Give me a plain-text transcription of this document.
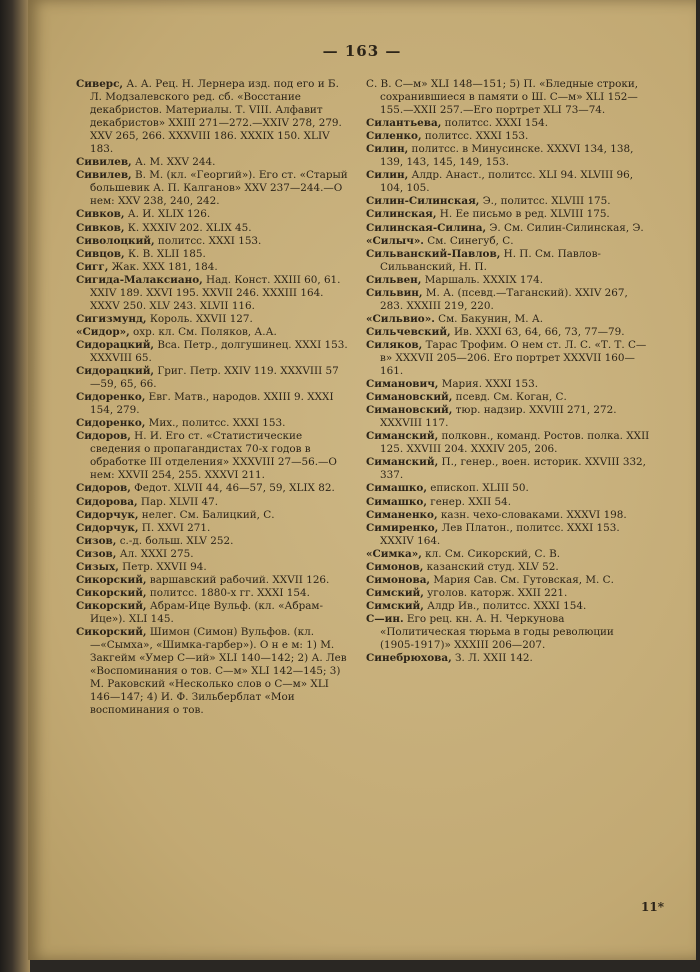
— 163 —

Сиверс, А. А. Рец. Н. Лернера изд. под его и Б. Л. Модзалевского ред. сб. «Восстание декабристов. Материалы. Т. VIII. Алфавит декабристов» XXIII 271—272.—XXIV 278, 279. XXV 265, 266. XXXVIII 186. XXXIX 150. XLIV 183.

Сивилев, А. М. XXV 244.

Сивилев, В. М. (кл. «Георгий»). Его ст. «Старый большевик А. П. Калганов» XXV 237—244.—О нем: XXV 238, 240, 242.

Сивков, А. И. XLIX 126.

Сивков, К. XXXIV 202. XLIX 45.

Сиволоцкий, политсс. XXXI 153.

Сивцов, К. В. XLII 185.

Сигг, Жак. XXX 181, 184.

Сигида-Малаксиано, Над. Конст. XXIII 60, 61. XXIV 189. XXVI 195. XXVII 246. XXXIII 164. XXXV 250. XLV 243. XLVII 116.

Сигизмунд, Король. XXVII 127.

«Сидор», охр. кл. См. Поляков, А.А.

Сидорацкий, Вса. Петр., долгушинец. XXXI 153. XXXVIII 65.

Сидорацкий, Григ. Петр. XXIV 119. XXXVIII 57—59, 65, 66.

Сидоренко, Евг. Матв., народов. XXIII 9. XXXI 154, 279.

Сидоренко, Мих., политсс. XXXI 153.

Сидоров, Н. И. Его ст. «Статистические сведения о пропагандистах 70-х годов в обработке III отделения» XXXVIII 27—56.—О нем: XXVII 254, 255. XXXVI 211.

Сидоров, Федот. XLVII 44, 46—57, 59, XLIX 82.

Сидорова, Пар. XLVII 47.

Сидорчук, нелег. См. Балицкий, С.

Сидорчук, П. XXVI 271.

Сизов, с.-д. больш. XLV 252.

Сизов, Ал. XXXI 275.

Сизых, Петр. XXVII 94.

Сикорский, варшавский рабочий. XXVII 126.

Сикорский, политсс. 1880-х гг. XXXI 154.

Сикорский, Абрам-Ице Вульф. (кл. «Абрам-Ице»). XLI 145.

Сикорский, Шимон (Симон) Вульфов. (кл.—«Сымха», «Шимка-гарбер»). О н е м: 1) М. Закгейм «Умер С—ий» XLI 140—142; 2) А. Лев «Воспоминания о тов. С—м» XLI 142—145; 3) М. Раковский «Несколько слов о С—м» XLI 146—147; 4) И. Ф. Зильберблат «Мои воспоминания о тов.

С. В. С—м» XLI 148—151; 5) П. «Бледные строки, сохранившиеся в памяти о Ш. С—м» XLI 152—155.—XXII 257.—Его портрет XLI 73—74.

Силантьева, политсс. XXXI 154.

Силенко, политсс. XXXI 153.

Силин, политсс. в Минусинске. XXXVI 134, 138, 139, 143, 145, 149, 153.

Силин, Алдр. Анаст., политсс. XLI 94. XLVIII 96, 104, 105.

Силин-Силинская, Э., политсс. XLVIII 175.

Силинская, Н. Ее письмо в ред. XLVIII 175.

Силинская-Силина, Э. См. Силин-Силинская, Э.

«Силыч». См. Синегуб, С.

Сильванский-Павлов, Н. П. См. Павлов-Сильванский, Н. П.

Сильвен, Маршаль. XXXIX 174.

Сильвин, М. А. (псевд.—Таганский). XXIV 267, 283. XXXIII 219, 220.

«Сильвио». См. Бакунин, М. А.

Сильчевский, Ив. XXXI 63, 64, 66, 73, 77—79.

Силяков, Тарас Трофим. О нем ст. Л. С. «Т. Т. С—в» XXXVII 205—206. Его портрет XXXVII 160—161.

Симанович, Мария. XXXI 153.

Симановский, псевд. См. Коган, С.

Симановский, тюр. надзир. XXVIII 271, 272. XXXVIII 117.

Симанский, полковн., команд. Ростов. полка. XXII 125. XXVIII 204. XXXIV 205, 206.

Симанский, П., генер., воен. историк. XXVIII 332, 337.

Симашко, епископ. XLIII 50.

Симашко, генер. XXII 54.

Симаненко, казн. чехо-словаками. XXXVI 198.

Симиренко, Лев Платон., политсс. XXXI 153. XXXIV 164.

«Симка», кл. См. Сикорский, С. В.

Симонов, казанский студ. XLV 52.

Симонова, Мария Сав. См. Гутовская, М. С.

Симский, уголов. каторж. XXII 221.

Симский, Алдр Ив., политсс. XXXI 154.

С—ин. Его рец. кн. А. Н. Черкунова «Политическая тюрьма в годы революции (1905-1917)» XXXIII 206—207.

Синебрюхова, З. Л. XXII 142.

11*
